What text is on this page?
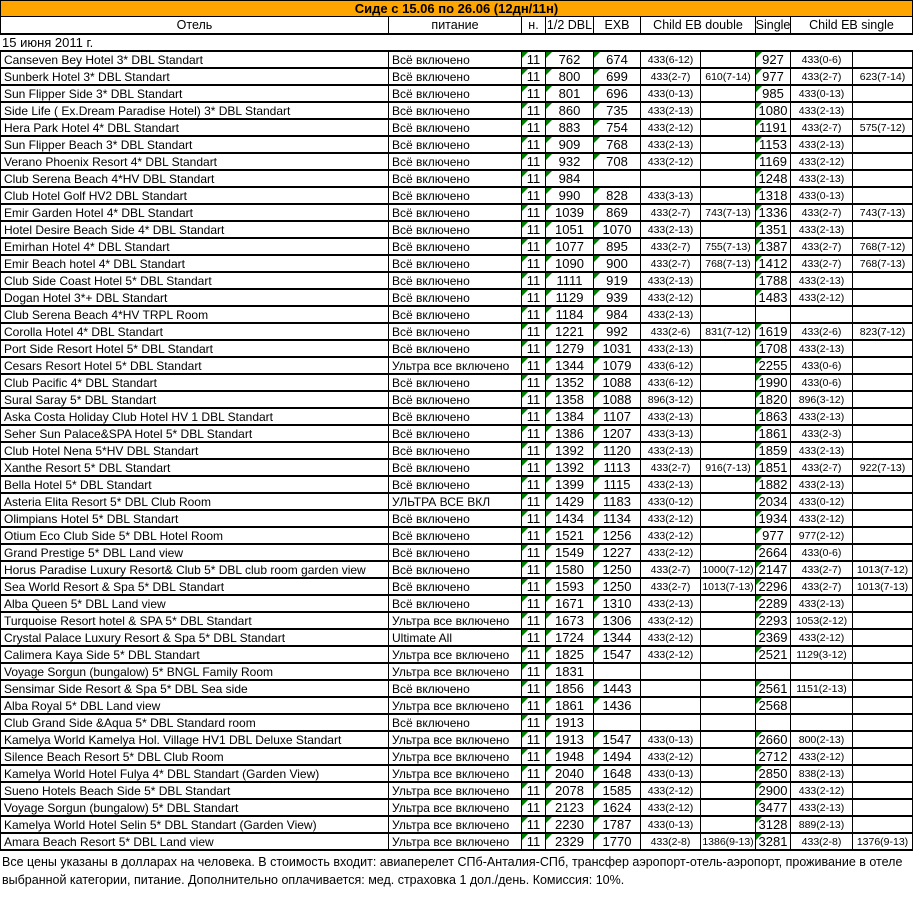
Сиде с 15.06 по 26.06 (12дн/11н)
Отель	питание	н. 1/2 DBL EXB	Child EB double	Single	Child EB single
15 июня 2011 г.
Canseven Bey Hotel 3* DBL Standart	Всё включено	11 762 674 433(6-12)	927 433(0-6)
Sunberk Hotel 3* DBL Standart	Всё включено	11 800 699 433(2-7) 610(7-14) 977 433(2-7) 623(7-14)
Sun Flipper Side 3* DBL Standart	Всё включено	11 801 696 433(0-13)	985 433(0-13)
Side Life ( Ex.Dream Paradise Hotel) 3* DBL Standart	Всё включено	11 860 735 433(2-13)	1080 433(2-13)
Hera Park Hotel 4* DBL Standart	Всё включено	11 883 754 433(2-12)	1191 433(2-7) 575(7-12)
Sun Flipper Beach 3* DBL Standart	Всё включено	11 909 768 433(2-13)	1153 433(2-13)
Verano Phoenix Resort 4* DBL Standart	Всё включено	11 932 708 433(2-12)	1169 433(2-12)
Club Serena Beach 4*HV DBL Standart	Всё включено	11 984	1248 433(2-13)
Club Hotel Golf HV2 DBL Standart	Всё включено	11 990 828 433(3-13)	1318 433(0-13)
Emir Garden Hotel 4* DBL Standart	Всё включено	11 1039 869 433(2-7) 743(7-13) 1336 433(2-7) 743(7-13)
Hotel Desire Beach Side 4* DBL Standart	Всё включено	11 1051 1070 433(2-13)	1351 433(2-13)
Emirhan Hotel 4* DBL Standart	Всё включено	11 1077 895 433(2-7) 755(7-13) 1387 433(2-7) 768(7-12)
Emir Beach hotel 4* DBL Standart	Всё включено	11 1090 900 433(2-7) 768(7-13) 1412 433(2-7) 768(7-13)
Club Side Coast Hotel 5* DBL Standart	Всё включено	11 1111 919 433(2-13)	1788 433(2-13)
Dogan Hotel 3*+ DBL Standart	Всё включено	11 1129 939 433(2-12)	1483 433(2-12)
Club Serena Beach 4*HV TRPL Room	Всё включено	11 1184 984 433(2-13)
Corolla Hotel 4* DBL Standart	Всё включено	11 1221 992 433(2-6) 831(7-12) 1619 433(2-6) 823(7-12)
Port Side Resort Hotel 5* DBL Standart	Всё включено	11 1279 1031 433(2-13)	1708 433(2-13)
Cesars Resort Hotel 5* DBL Standart	Ультра все включено 11 1344 1079 433(6-12)	2255 433(0-6)
Club Pacific 4* DBL Standart	Всё включено	11 1352 1088 433(6-12)	1990 433(0-6)
Sural Saray 5* DBL Standart	Всё включено	11 1358 1088 896(3-12)	1820 896(3-12)
Aska Costa Holiday Club Hotel HV 1 DBL Standart	Всё включено	11 1384 1107 433(2-13)	1863 433(2-13)
Seher Sun Palace&SPA Hotel 5* DBL Standart	Всё включено	11 1386 1207 433(3-13)	1861 433(2-3)
Club Hotel Nena 5*HV DBL Standart	Всё включено	11 1392 1120 433(2-13)	1859 433(2-13)
Xanthe Resort 5* DBL Standart	Всё включено	11 1392 1113 433(2-7) 916(7-13) 1851 433(2-7) 922(7-13)
Bella Hotel 5* DBL Standart	Всё включено	11 1399 1115 433(2-13)	1882 433(2-13)
Asteria Elita Resort 5* DBL Club Room	УЛЬТРА ВСЕ ВКЛ	11 1429 1183 433(0-12)	2034 433(0-12)
Olimpians Hotel 5* DBL Standart	Всё включено	11 1434 1134 433(2-12)	1934 433(2-12)
Otium Eco Club Side 5* DBL Hotel Room	Всё включено	11 1521 1256 433(2-12)	977 977(2-12)
Grand Prestige 5* DBL Land view	Всё включено	11 1549 1227 433(2-12)	2664 433(0-6)
Horus Paradise Luxury Resort& Club 5* DBL club room garden view Всё включено	11 1580 1250 433(2-7) 1000(7-12) 2147 433(2-7) 1013(7-12)
Sea World Resort & Spa 5* DBL Standart	Всё включено	11 1593 1250 433(2-7) 1013(7-13) 2296 433(2-7) 1013(7-13)
Alba Queen 5* DBL Land view	Всё включено	11 1671 1310 433(2-13)	2289 433(2-13)
Turquoise Resort hotel & SPA 5* DBL Standart	Ультра все включено 11 1673 1306 433(2-12)	2293 1053(2-12)
Crystal Palace Luxury Resort & Spa 5* DBL Standart	Ultimate All	11 1724 1344 433(2-12)	2369 433(2-12)
Calimera Kaya Side 5* DBL Standart	Ультра все включено 11 1825 1547 433(2-12)	2521 1129(3-12)
Voyage Sorgun (bungalow) 5* BNGL Family Room	Ультра все включено 11 1831
Sensimar Side Resort & Spa 5* DBL Sea side	Всё включено	11 1856 1443	2561 1151(2-13)
Alba Royal 5* DBL Land view	Ультра все включено 11 1861 1436	2568
Club Grand Side &Aqua 5* DBL Standard room	Всё включено	11 1913
Kamelya World Kamelya Hol. Village HV1 DBL Deluxe Standart	Ультра все включено 11 1913 1547 433(0-13)	2660 800(2-13)
Silence Beach Resort 5* DBL Club Room	Ультра все включено 11 1948 1494 433(2-12)	2712 433(2-12)
Kamelya World Hotel Fulya 4* DBL Standart (Garden View)	Ультра все включено 11 2040 1648 433(0-13)	2850 838(2-13)
Sueno Hotels Beach Side 5* DBL Standart	Ультра все включено 11 2078 1585 433(2-12)	2900 433(2-12)
Voyage Sorgun (bungalow) 5* DBL Standart	Ультра все включено 11 2123 1624 433(2-12)	3477 433(2-13)
Kamelya World Hotel Selin 5* DBL Standart (Garden View)	Ультра все включено 11 2230 1787 433(0-13)	3128 889(2-13)
Amara Beach Resort 5* DBL Land view	Ультра все включено 11 2329 1770 433(2-8) 1386(9-13) 3281 433(2-8) 1376(9-13)
Все цены указаны в долларах на человека. В стоимость входит: авиаперелет СПб-Анталия-СПб, трансфер аэропорт-отель-аэропорт, проживание в отеле выбранной категории, питание. Дополнительно оплачивается: мед. страховка 1 дол./день. Комиссия: 10%.
